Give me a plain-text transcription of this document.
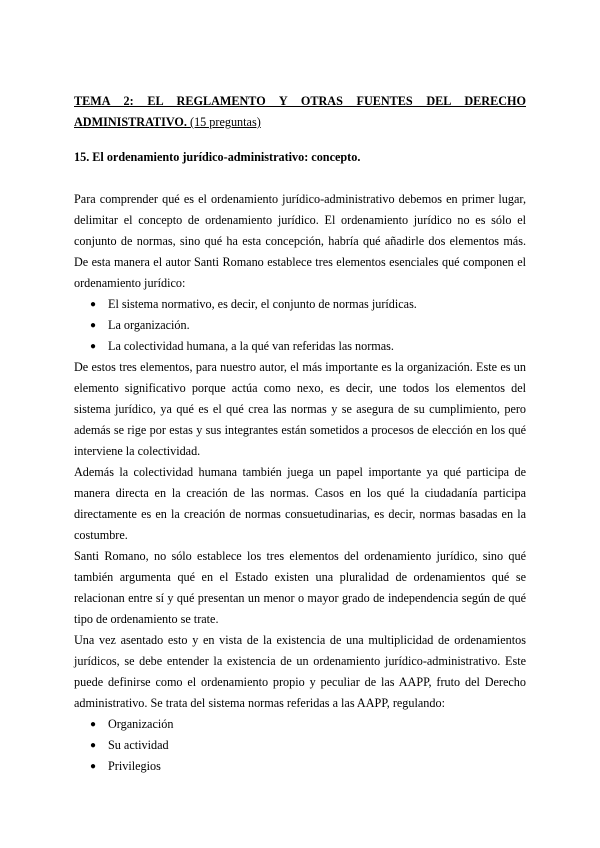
TEMA 2: EL REGLAMENTO Y OTRAS FUENTES DEL DERECHO ADMINISTRATIVO. (15 preguntas)

15. El ordenamiento jurídico-administrativo: concepto.

Para comprender qué es el ordenamiento jurídico-administrativo debemos en primer lugar, delimitar el concepto de ordenamiento jurídico. El ordenamiento jurídico no es sólo el conjunto de normas, sino qué ha esta concepción, habría qué añadirle dos elementos más. De esta manera el autor Santi Romano establece tres elementos esenciales qué componen el ordenamiento jurídico:

● El sistema normativo, es decir, el conjunto de normas jurídicas.
● La organización.
● La colectividad humana, a la qué van referidas las normas.

De estos tres elementos, para nuestro autor, el más importante es la organización. Este es un elemento significativo porque actúa como nexo, es decir, une todos los elementos del sistema jurídico, ya qué es el qué crea las normas y se asegura de su cumplimiento, pero además se rige por estas y sus integrantes están sometidos a procesos de elección en los qué interviene la colectividad.

Además la colectividad humana también juega un papel importante ya qué participa de manera directa en la creación de las normas. Casos en los qué la ciudadanía participa directamente es en la creación de normas consuetudinarias, es decir, normas basadas en la costumbre.

Santi Romano, no sólo establece los tres elementos del ordenamiento jurídico, sino qué también argumenta qué en el Estado existen una pluralidad de ordenamientos qué se relacionan entre sí y qué presentan un menor o mayor grado de independencia según de qué tipo de ordenamiento se trate.

Una vez asentado esto y en vista de la existencia de una multiplicidad de ordenamientos jurídicos, se debe entender la existencia de un ordenamiento jurídico-administrativo. Este puede definirse como el ordenamiento propio y peculiar de las AAPP, fruto del Derecho administrativo. Se trata del sistema normas referidas a las AAPP, regulando:

● Organización
● Su actividad
● Privilegios
